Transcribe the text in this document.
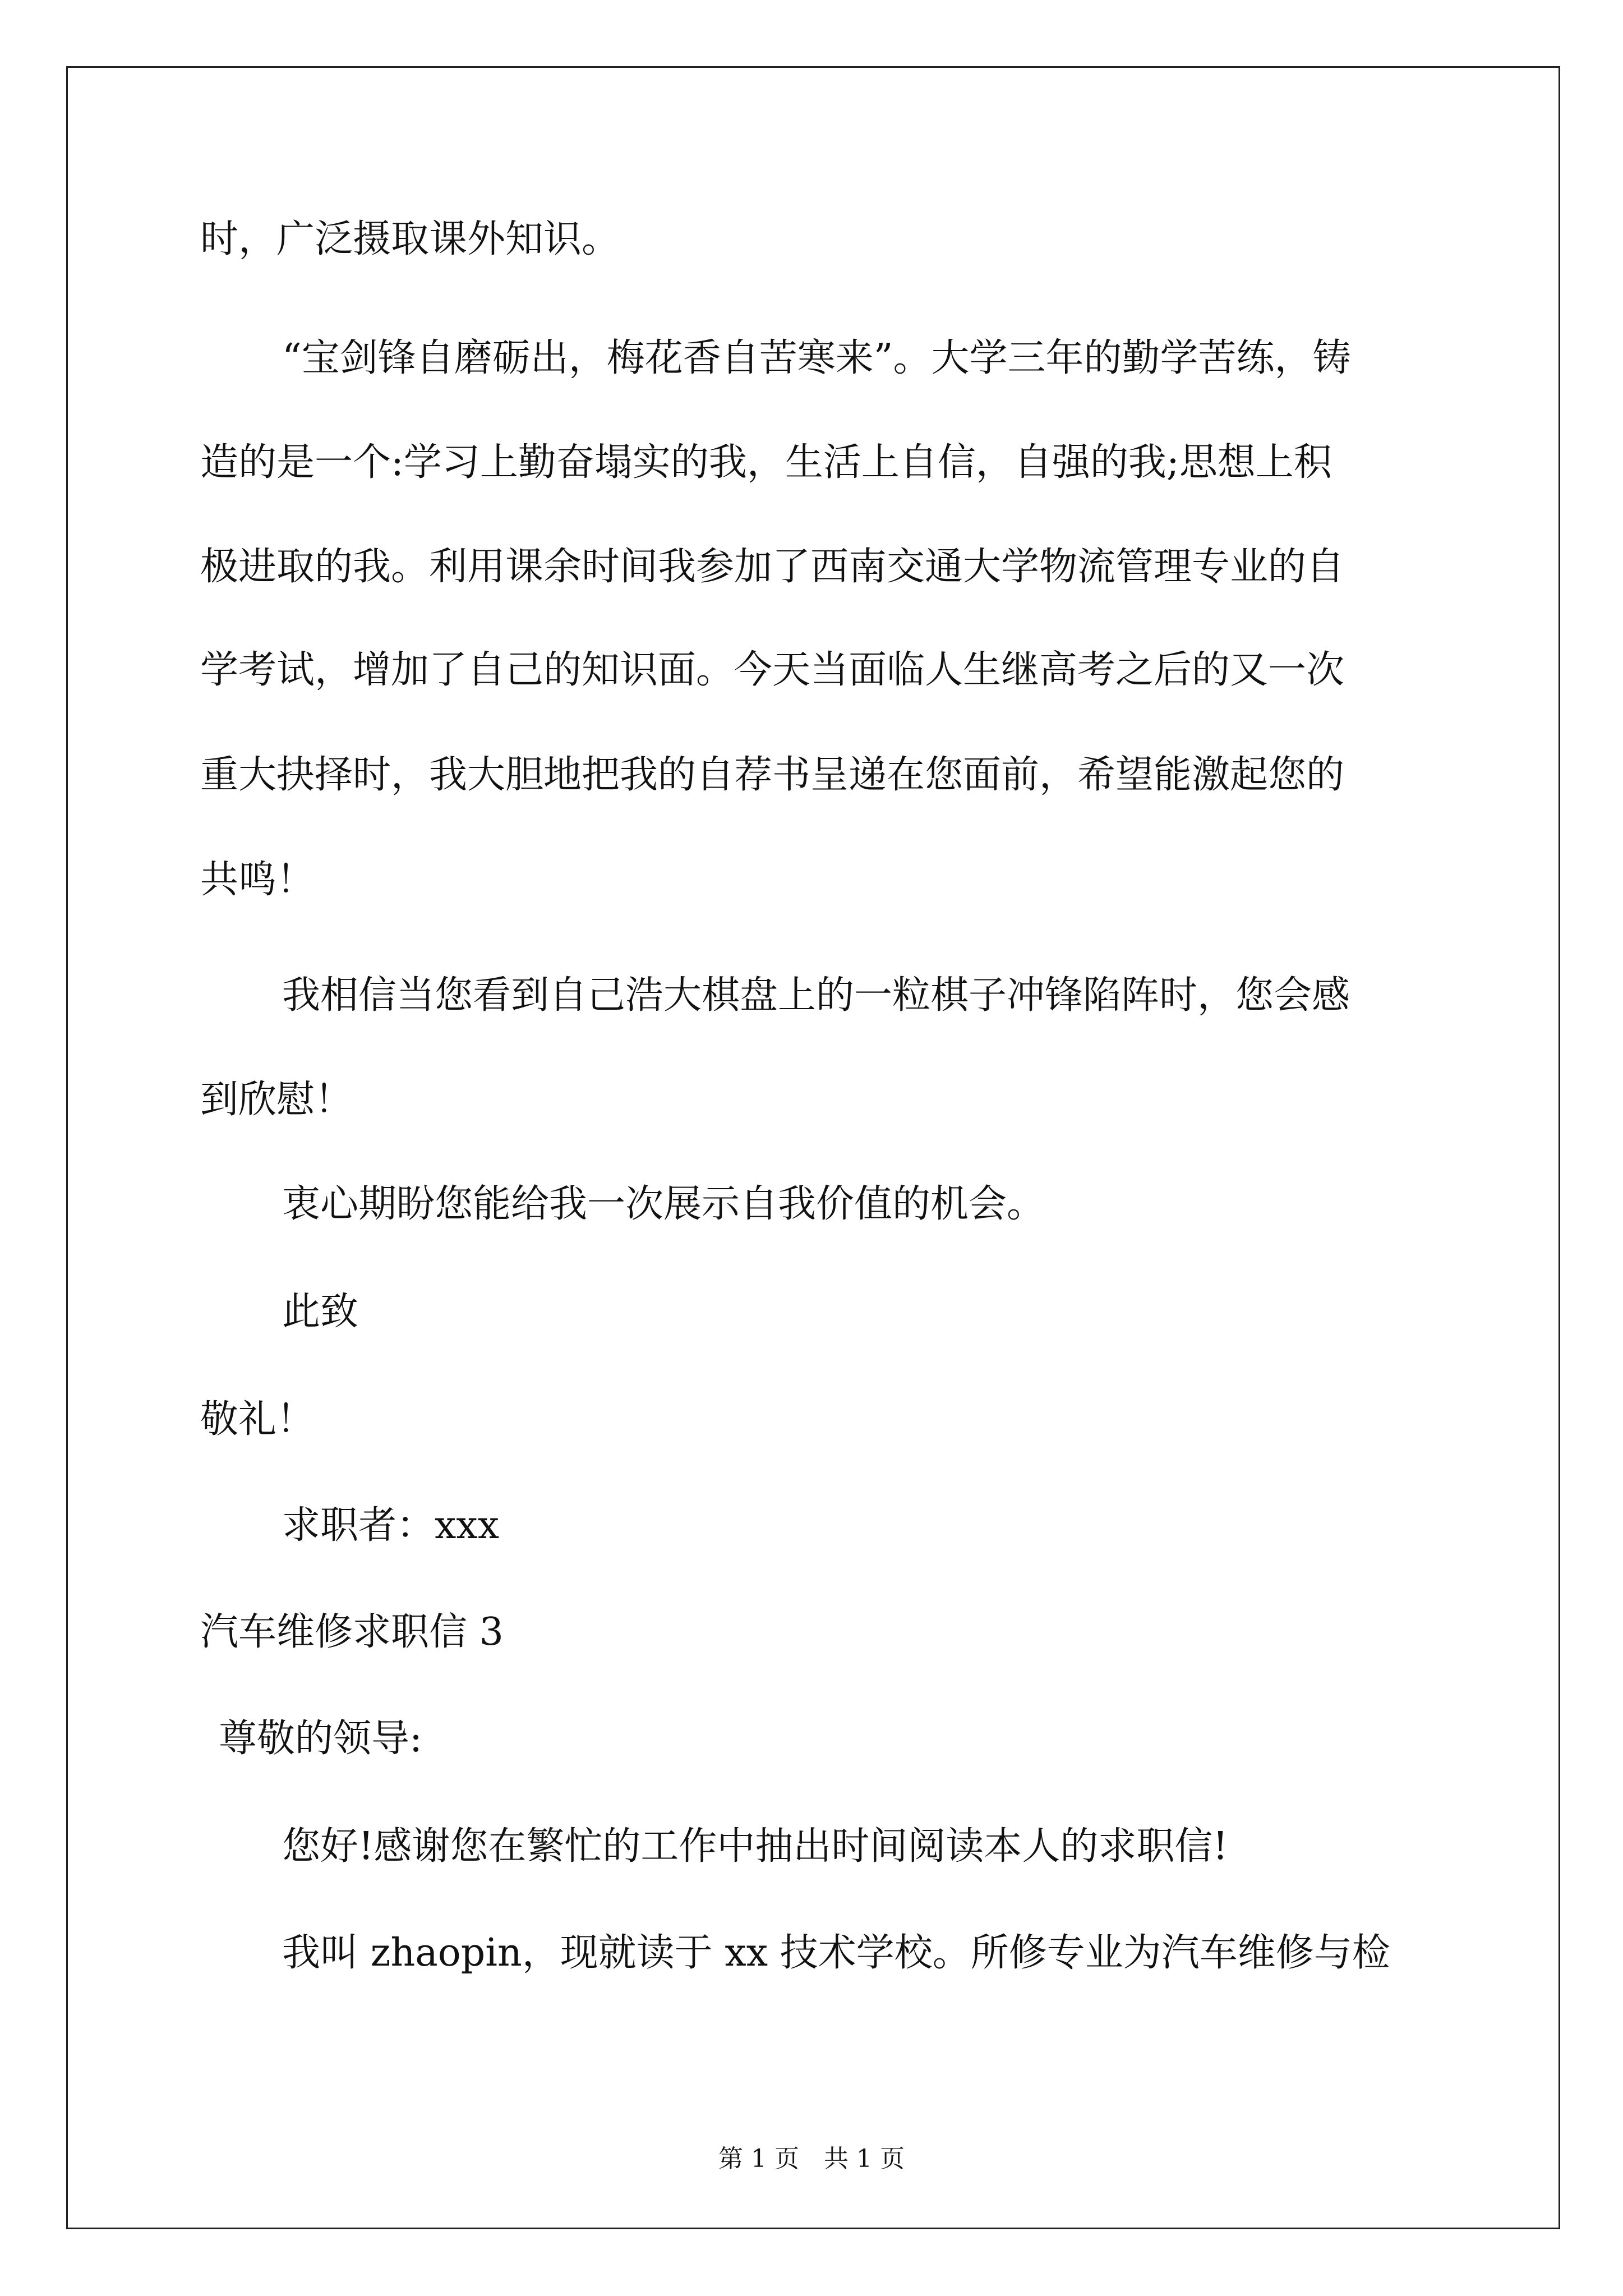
时，广泛摄取课外知识。

“宝剑锋自磨砺出，梅花香自苦寒来”。大学三年的勤学苦练，铸

造的是一个:学习上勤奋塌实的我，生活上自信，自强的我;思想上积

极进取的我。利用课余时间我参加了西南交通大学物流管理专业的自

学考试，增加了自己的知识面。今天当面临人生继高考之后的又一次

重大抉择时，我大胆地把我的自荐书呈递在您面前，希望能激起您的

共鸣！

我相信当您看到自己浩大棋盘上的一粒棋子冲锋陷阵时，您会感

到欣慰！

衷心期盼您能给我一次展示自我价值的机会。

此致

敬礼！

求职者：xxx

汽车维修求职信 3

尊敬的领导:

您好!感谢您在繁忙的工作中抽出时间阅读本人的求职信!

我叫 zhaopin，现就读于 xx 技术学校。所修专业为汽车维修与检

第 1 页　共 1 页
